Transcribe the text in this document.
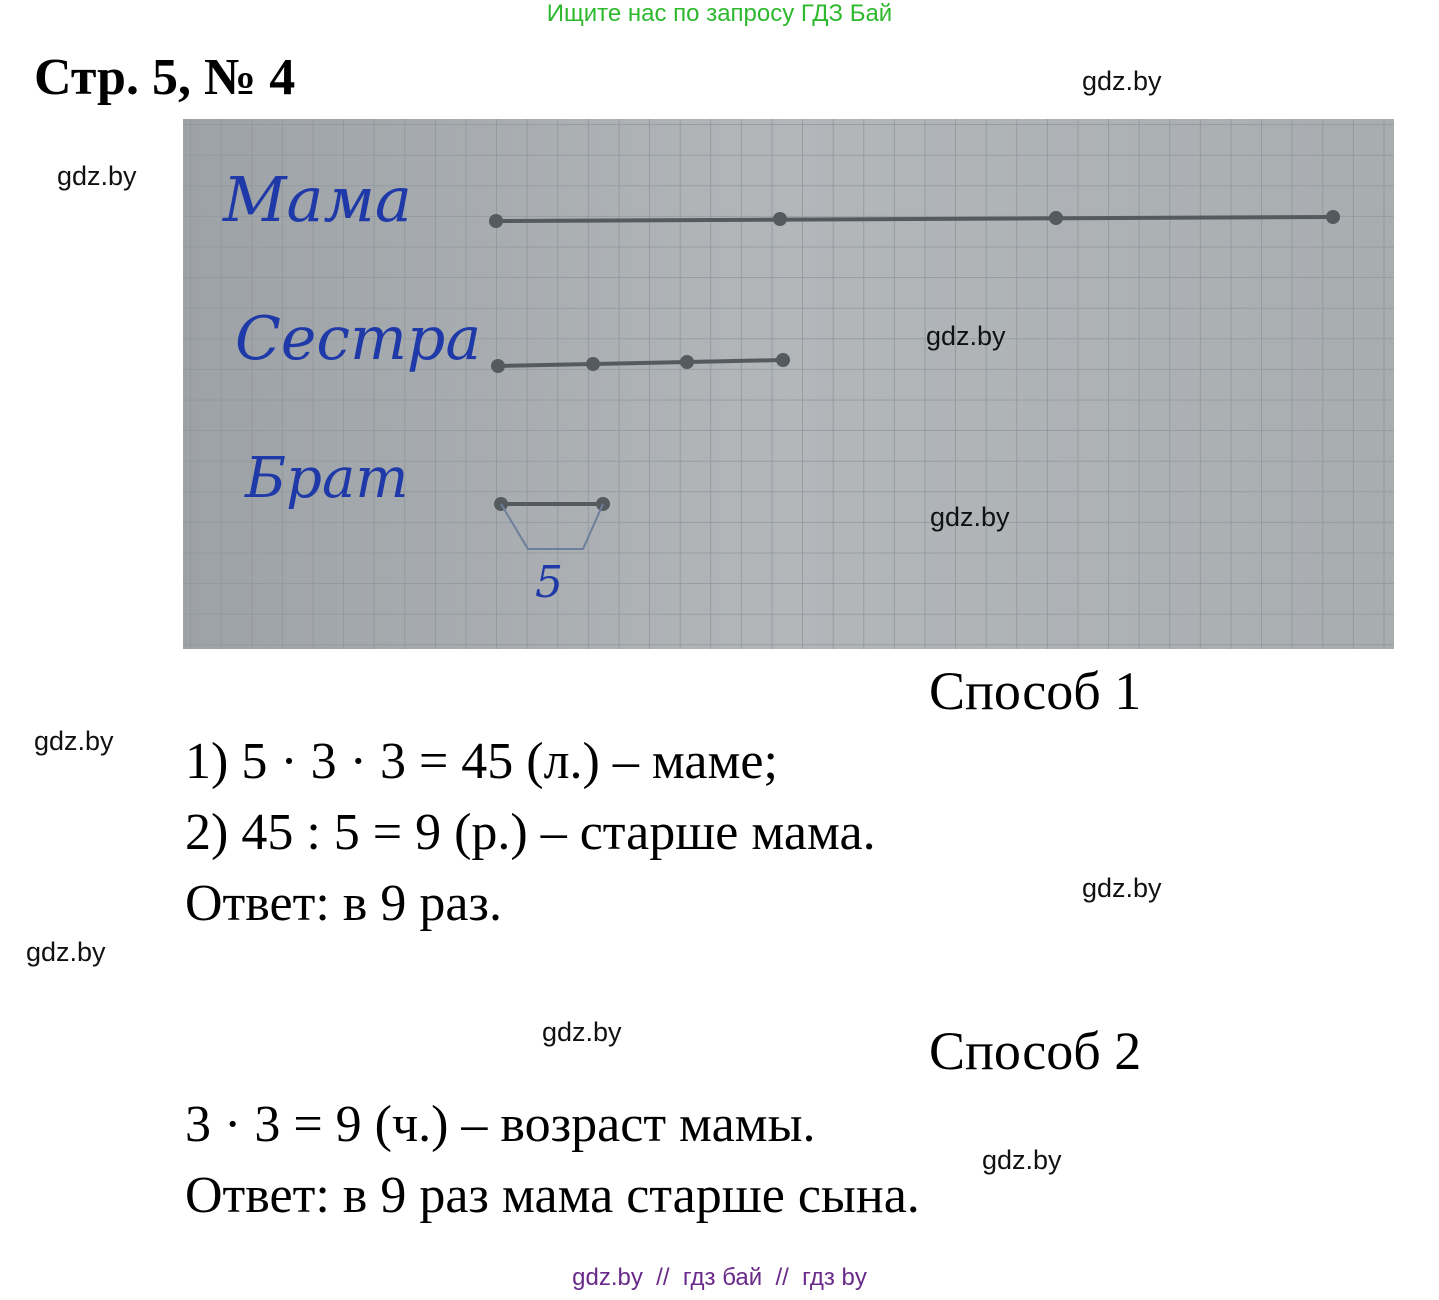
Ищите нас по запросу ГДЗ Бай
Стр. 5, № 4	gdz.by
gdz.by Мама
Сестра
Брат
5
gdz.by
gdz.by
Способ 1
gdz.by 1) 5 · 3 · 3 = 45 (л.) – маме;
2) 45 : 5 = 9 (р.) – старше мама.
Ответ: в 9 раз.	gdz.by
gdz.by
gdz.by	Способ 2
3 · 3 = 9 (ч.) – возраст мамы.
gdz.by
Ответ: в 9 раз мама старше сына.
gdz.by  //  гдз бай  //  гдз by
